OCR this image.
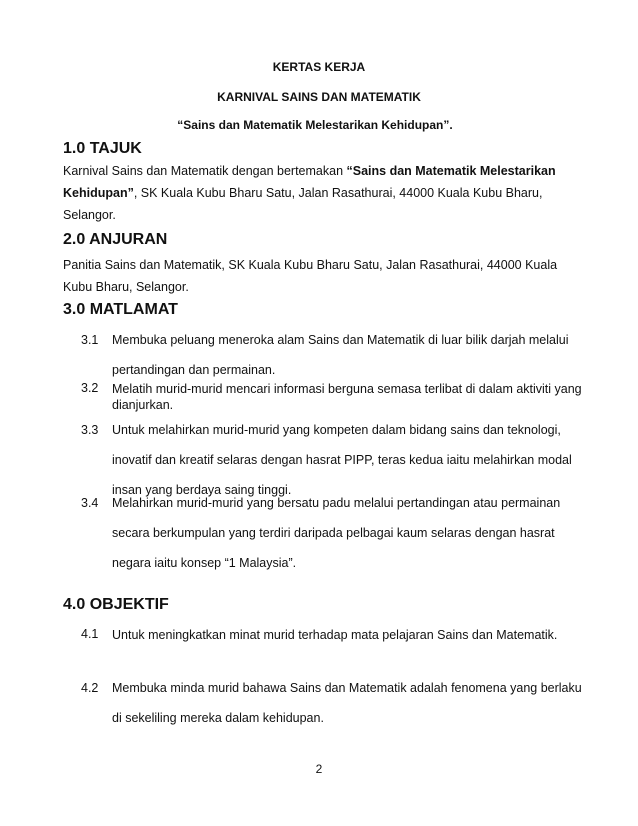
KERTAS KERJA

KARNIVAL SAINS DAN MATEMATIK

“Sains dan Matematik Melestarikan Kehidupan”.

1.0 TAJUK

Karnival Sains dan Matematik dengan bertemakan “Sains dan Matematik Melestarikan Kehidupan”, SK Kuala Kubu Bharu Satu, Jalan Rasathurai, 44000 Kuala Kubu Bharu, Selangor.

2.0 ANJURAN

Panitia Sains dan Matematik, SK Kuala Kubu Bharu Satu, Jalan Rasathurai, 44000 Kuala Kubu Bharu, Selangor.

3.0 MATLAMAT

3.1 Membuka peluang meneroka alam Sains dan Matematik di luar bilik darjah melalui pertandingan dan permainan.

3.2 Melatih murid-murid mencari informasi berguna semasa terlibat di dalam aktiviti yang dianjurkan.

3.3 Untuk melahirkan murid-murid yang kompeten dalam bidang sains dan teknologi, inovatif dan kreatif selaras dengan hasrat PIPP, teras kedua iaitu melahirkan modal insan yang berdaya saing tinggi.

3.4 Melahirkan murid-murid yang bersatu padu melalui pertandingan atau permainan secara berkumpulan yang terdiri daripada pelbagai kaum selaras dengan hasrat negara iaitu konsep “1 Malaysia”.

4.0 OBJEKTIF

4.1 Untuk meningkatkan minat murid terhadap mata pelajaran Sains dan Matematik.

4.2 Membuka minda murid bahawa Sains dan Matematik adalah fenomena yang berlaku di sekeliling mereka dalam kehidupan.

2
